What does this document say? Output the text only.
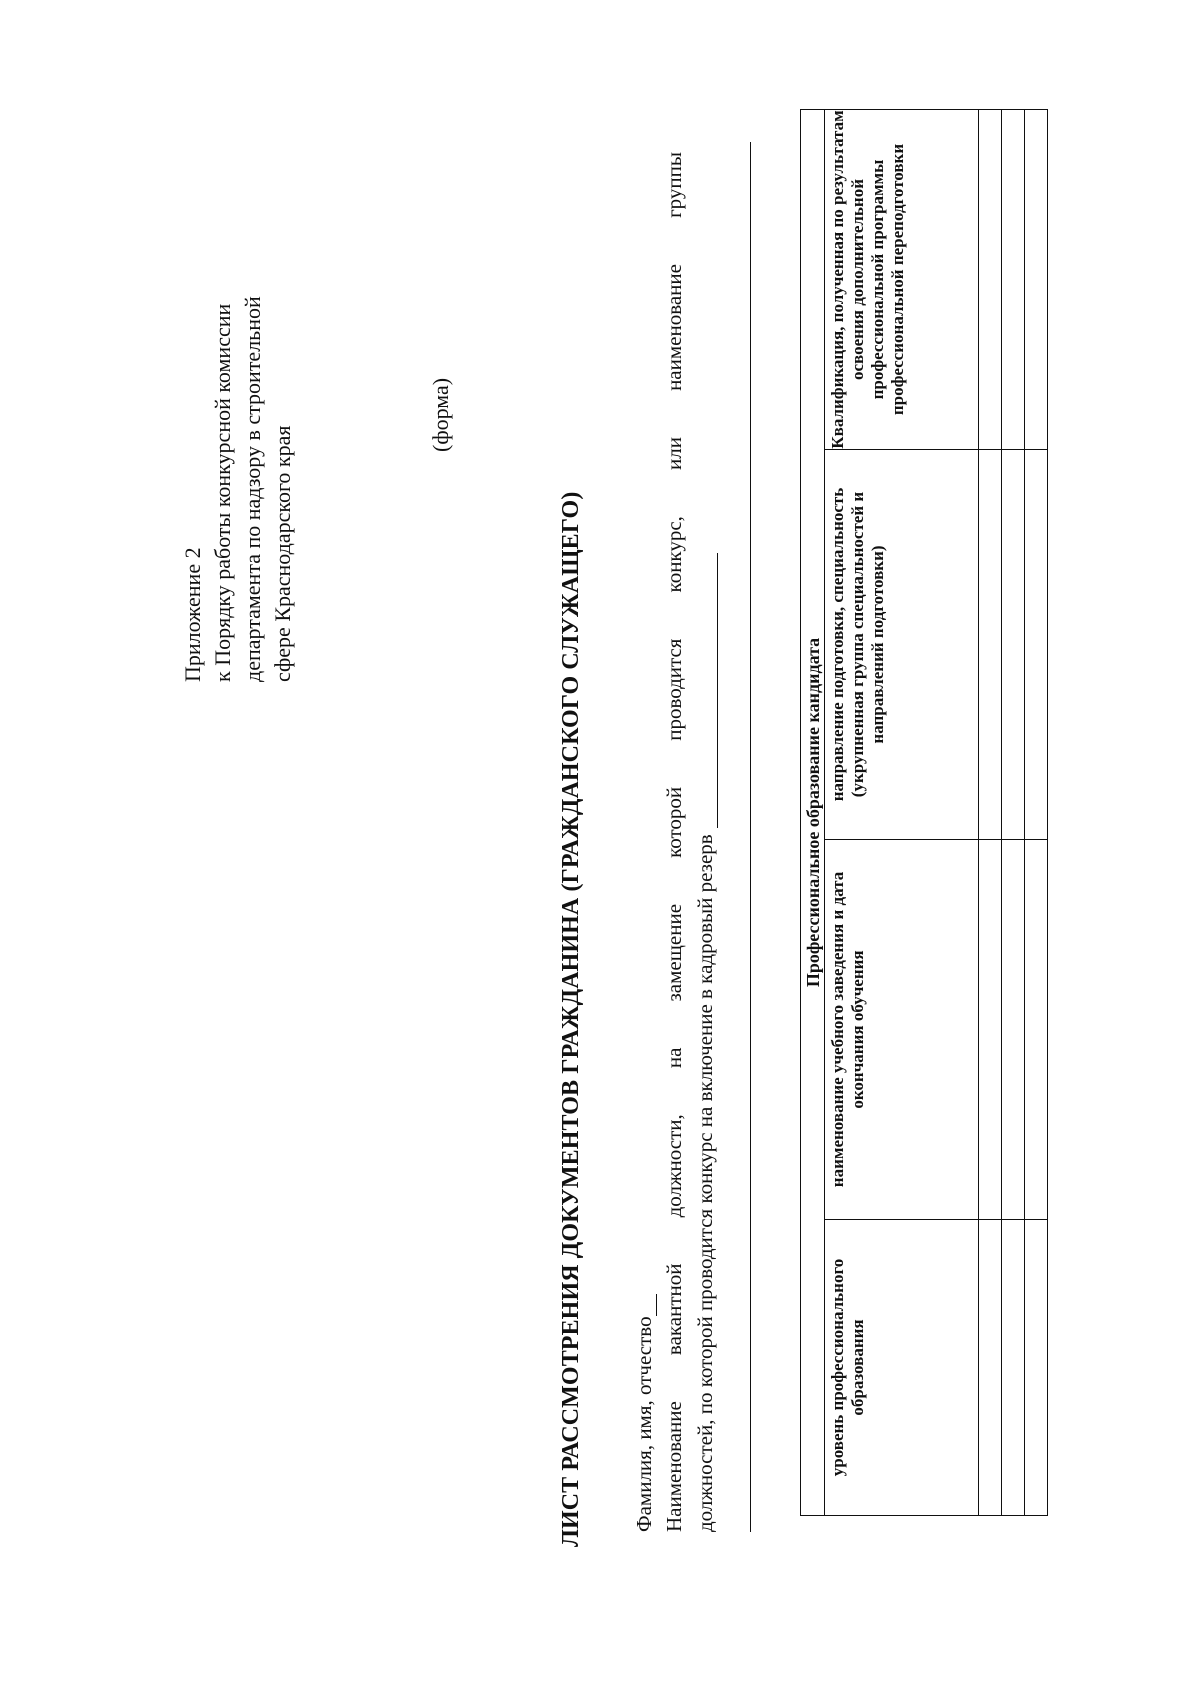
Приложение 2 к Порядку работы конкурсной комиссии департамента по надзору в строительной сфере Краснодарского края
(форма)
ЛИСТ РАССМОТРЕНИЯ ДОКУМЕНТОВ ГРАЖДАНИНА (ГРАЖДАНСКОГО СЛУЖАЩЕГО) Фамилия, имя, отчество Наименование вакантной должности, на замещение которой проводится конкурс, или наименование группы должностей, по которой проводится конкурс на включение в кадровый резерв
Профессиональное образование кандидата			
уровень профессионального образования	наименование учебного заведения и дата окончания обучения	направление подготовки, специальность (укрупненная группа специальностей и направлений подготовки)	Квалификация, полученная по результатам освоения дополнительной профессиональной программы профессиональной переподготовки
